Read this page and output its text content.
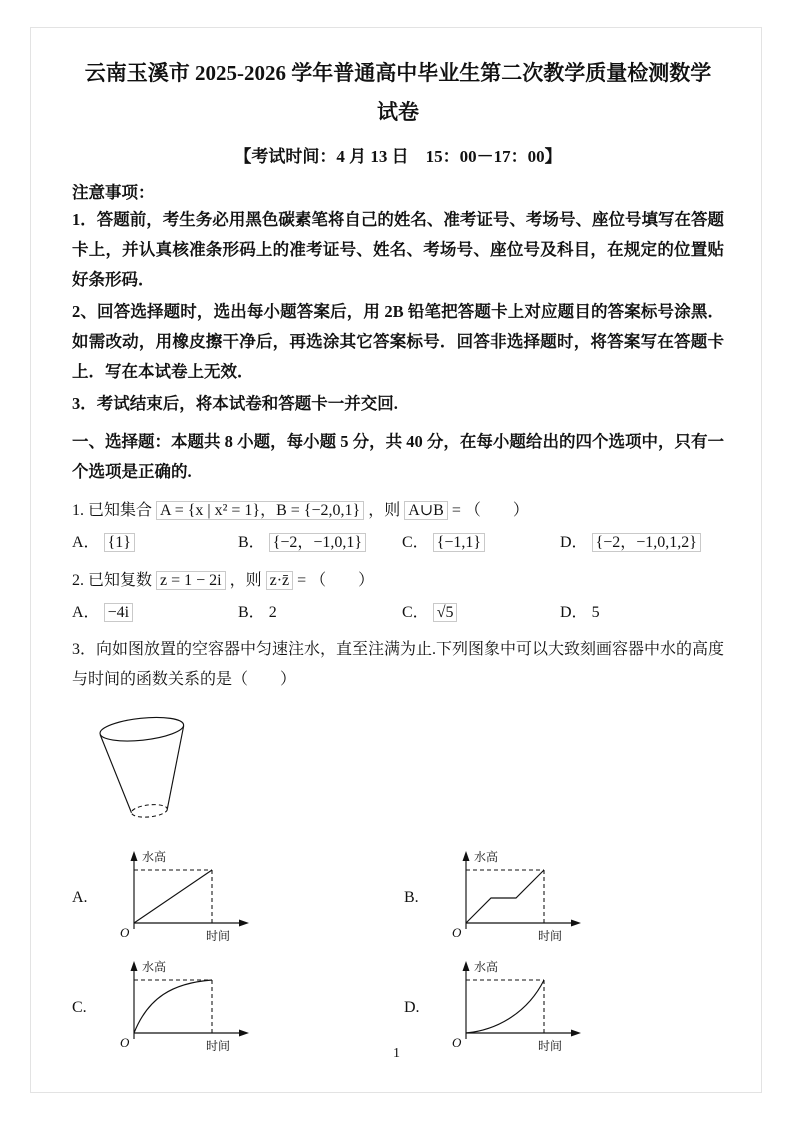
云南玉溪市 2025-2026 学年普通高中毕业生第二次教学质量检测数学
试卷
【考试时间：4 月 13 日　15：00－17：00】
注意事项：

1．答题前，考生务必用黑色碳素笔将自己的姓名、准考证号、考场号、座位号填写在答题卡上，并认真核准条形码上的准考证号、姓名、考场号、座位号及科目，在规定的位置贴好条形码．

2、回答选择题时，选出每小题答案后，用 2B 铅笔把答题卡上对应题目的答案标号涂黑．如需改动，用橡皮擦干净后，再选涂其它答案标号．回答非选择题时，将答案写在答题卡上．写在本试卷上无效．

3．考试结束后，将本试卷和答题卡一并交回.

一、选择题：本题共 8 小题，每小题 5 分，共 40 分，在每小题给出的四个选项中，只有一个选项是正确的.

1. 已知集合 A = {x | x² = 1}，B = {−2,0,1} ，则 A∪B = （　　）

A． {1}	B． {−2，−1,0,1}	C． {−1,1}	D． {−2，−1,0,1,2}

2. 已知复数 z = 1 − 2i ，则 z·z̄ = （　　）

A． −4i	B． 2	C． √5	D． 5

3．向如图放置的空容器中匀速注水，直至注满为止.下列图象中可以大致刻画容器中水的高度与时间的函数关系的是（　　）

A.
水高
时间
O
B.
水高
时间
O
C.
水高
时间
O
D.
水高
时间
O
1
